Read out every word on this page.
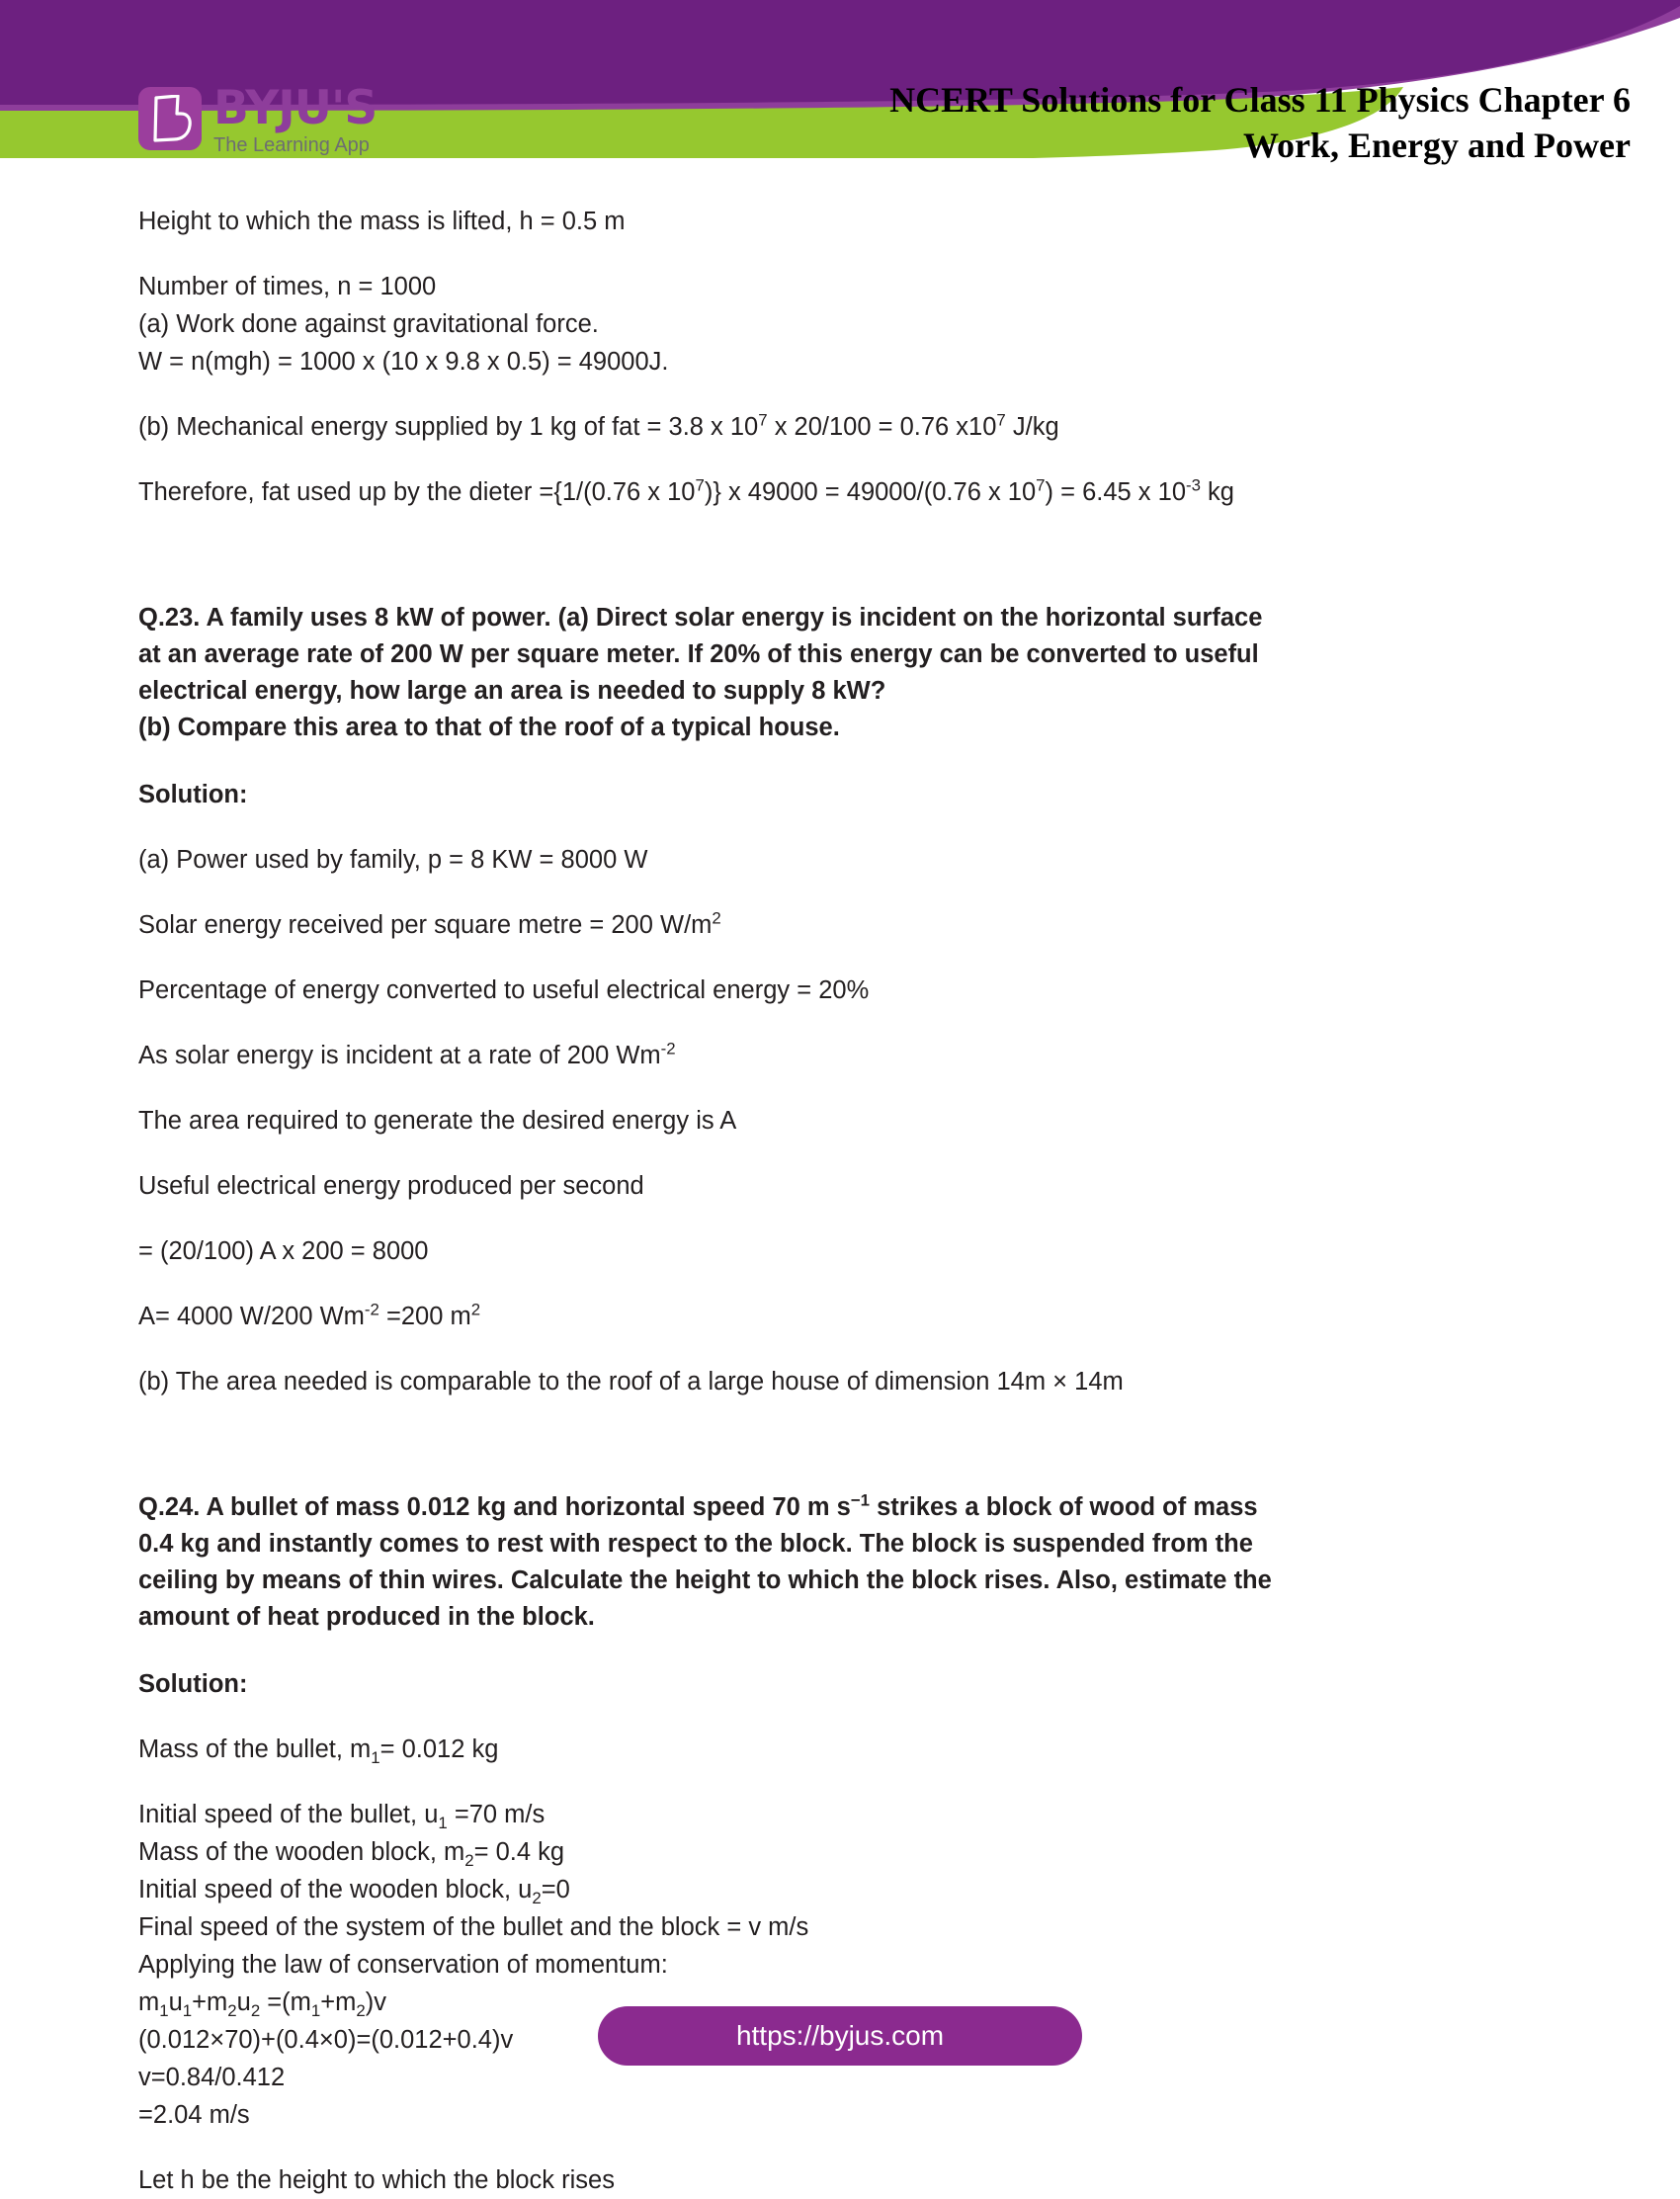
BYJU'S
The Learning App
NCERT Solutions for Class 11 Physics Chapter 6
Work, Energy and Power

Height to which the mass is lifted, h = 0.5 m

Number of times, n = 1000
(a) Work done against gravitational force.
W = n(mgh) = 1000 x (10 x 9.8 x 0.5) = 49000J.

(b) Mechanical energy supplied by 1 kg of fat = 3.8 x $10^7$ x 20/100 = 0.76 $x10^7$ J/kg

Therefore, fat used up by the dieter ={1/(0.76 x $10^7$)} x 49000 = 49000/(0.76 x $10^7) = 6.45$ x $10^{-3}$ kg

Q.23. A family uses 8 kW of power. (a) Direct solar energy is incident on the horizontal surface
at an average rate of 200 W per square meter. If 20% of this energy can be converted to useful
electrical energy, how large an area is needed to supply 8 kW?
(b) Compare this area to that of the roof of a typical house.

Solution:

(a) Power used by family, p = 8 KW = 8000 W

Solar energy received per square metre = 200 $W/m^2$

Percentage of energy converted to useful electrical energy = 20%

As solar energy is incident at a rate of 200 $Wm^{-2}$

The area required to generate the desired energy is A

Useful electrical energy produced per second

= (20/100) A x 200 = 8000

A= 4000 W/200 $Wm^{-2} =200$ $m^2$

(b) The area needed is comparable to the roof of a large house of dimension 14m × 14m

Q.24. A bullet of mass 0.012 kg and horizontal speed 70 m $s^{-1}$ strikes a block of wood of mass
0.4 kg and instantly comes to rest with respect to the block. The block is suspended from the
ceiling by means of thin wires. Calculate the height to which the block rises. Also, estimate the
amount of heat produced in the block.

Solution:

Mass of the bullet, $m_1= 0.012$ kg

Initial speed of the bullet, $u_1 =70$ m/s
Mass of the wooden block, $m_2= 0.4$ kg
Initial speed of the wooden block, $u_2=0$
Final speed of the system of the bullet and the block = v m/s
Applying the law of conservation of momentum:
$m_1u_1+m_2u_2 =(m_1+m_2)v$
(0.012×70)+(0.4×0)=(0.012+0.4)v
v=0.84/0.412
=2.04 m/s

Let h be the height to which the block rises

https://byjus.com
